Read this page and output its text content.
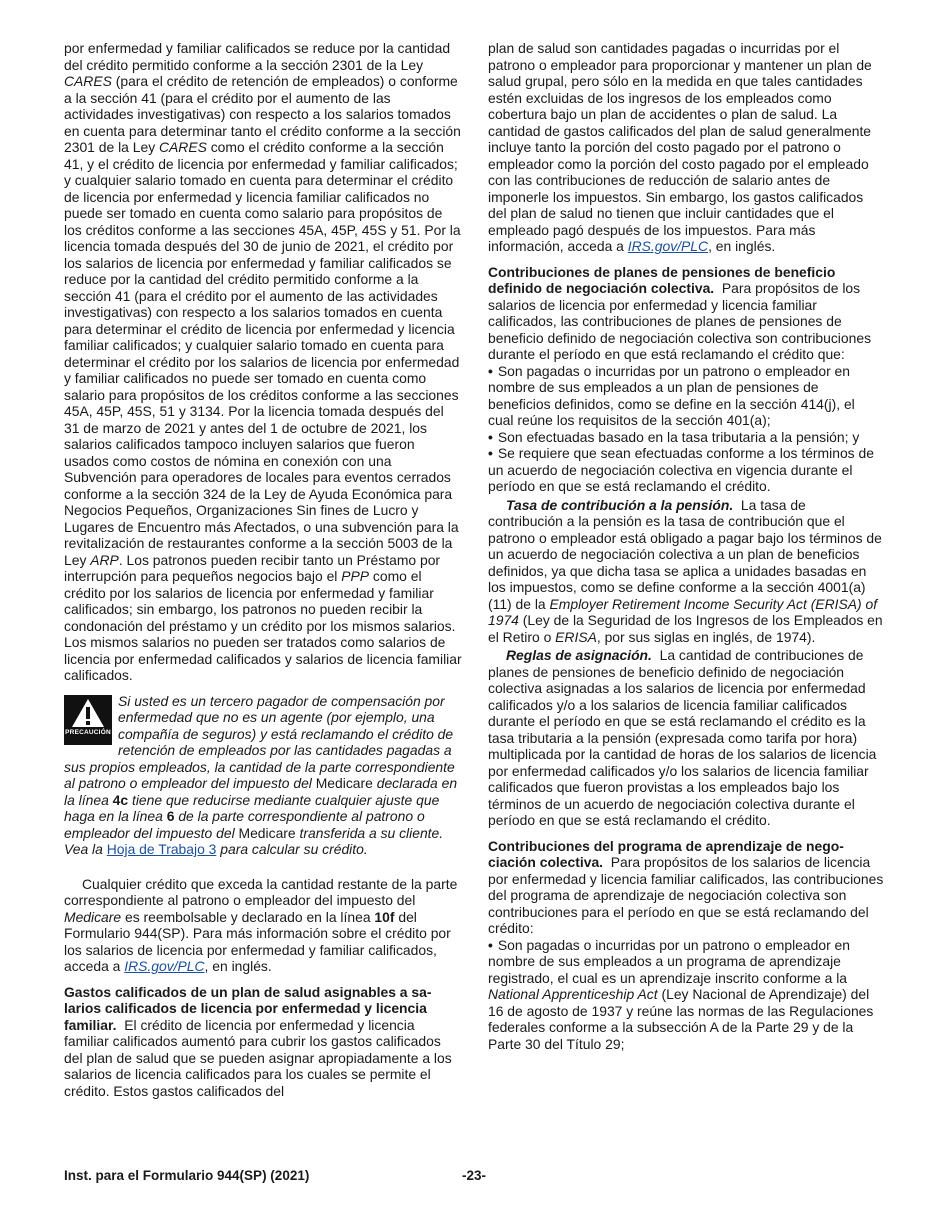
por enfermedad y familiar calificados se reduce por la cantidad del crédito permitido conforme a la sección 2301 de la Ley CARES (para el crédito de retención de empleados) o conforme a la sección 41 (para el crédito por el aumento de las actividades investigativas) con respecto a los salarios tomados en cuenta para determinar tanto el crédito conforme a la sección 2301 de la Ley CARES como el crédito conforme a la sección 41, y el crédito de licencia por enfermedad y familiar calificados; y cualquier salario tomado en cuenta para determinar el crédito de licencia por enfermedad y licencia familiar calificados no puede ser tomado en cuenta como salario para propósitos de los créditos conforme a las secciones 45A, 45P, 45S y 51. Por la licencia tomada después del 30 de junio de 2021, el crédito por los salarios de licencia por enfermedad y familiar calificados se reduce por la cantidad del crédito permitido conforme a la sección 41 (para el crédito por el aumento de las actividades investigativas) con respecto a los salarios tomados en cuenta para determinar el crédito de licencia por enfermedad y licencia familiar calificados; y cualquier salario tomado en cuenta para determinar el crédito por los salarios de licencia por enfermedad y familiar calificados no puede ser tomado en cuenta como salario para propósitos de los créditos conforme a las secciones 45A, 45P, 45S, 51 y 3134. Por la licencia tomada después del 31 de marzo de 2021 y antes del 1 de octubre de 2021, los salarios calificados tampoco incluyen salarios que fueron usados como costos de nómina en conexión con una Subvención para operadores de locales para eventos cerrados conforme a la sección 324 de la Ley de Ayuda Económica para Negocios Pequeños, Organizaciones Sin fines de Lucro y Lugares de Encuentro más Afectados, o una subvención para la revitalización de restaurantes conforme a la sección 5003 de la Ley ARP. Los patronos pueden recibir tanto un Préstamo por interrupción para pequeños negocios bajo el PPP como el crédito por los salarios de licencia por enfermedad y familiar calificados; sin embargo, los patronos no pueden recibir la condonación del préstamo y un crédito por los mismos salarios. Los mismos salarios no pueden ser tratados como salarios de licencia por enfermedad calificados y salarios de licencia familiar calificados.

PRECAUCIÓN
Si usted es un tercero pagador de compensación por enfermedad que no es un agente (por ejemplo, una compañía de seguros) y está reclamando el crédito de retención de empleados por las cantidades pagadas a sus propios empleados, la cantidad de la parte correspondiente al patrono o empleador del impuesto del Medicare declarada en la línea 4c tiene que reducirse mediante cualquier ajuste que haga en la línea 6 de la parte correspondiente al patrono o empleador del impuesto del Medicare transferida a su cliente. Vea la Hoja de Trabajo 3 para calcular su crédito.

Cualquier crédito que exceda la cantidad restante de la parte correspondiente al patrono o empleador del impuesto del Medicare es reembolsable y declarado en la línea 10f del Formulario 944(SP). Para más información sobre el crédito por los salarios de licencia por enfermedad y familiar calificados, acceda a IRS.gov/PLC, en inglés.

Gastos calificados de un plan de salud asignables a salarios calificados de licencia por enfermedad y licencia familiar. El crédito de licencia por enfermedad y licencia familiar calificados aumentó para cubrir los gastos calificados del plan de salud que se pueden asignar apropiadamente a los salarios de licencia calificados para los cuales se permite el crédito. Estos gastos calificados del

plan de salud son cantidades pagadas o incurridas por el patrono o empleador para proporcionar y mantener un plan de salud grupal, pero sólo en la medida en que tales cantidades estén excluidas de los ingresos de los empleados como cobertura bajo un plan de accidentes o plan de salud. La cantidad de gastos calificados del plan de salud generalmente incluye tanto la porción del costo pagado por el patrono o empleador como la porción del costo pagado por el empleado con las contribuciones de reducción de salario antes de imponerle los impuestos. Sin embargo, los gastos calificados del plan de salud no tienen que incluir cantidades que el empleado pagó después de los impuestos. Para más información, acceda a IRS.gov/PLC, en inglés.

Contribuciones de planes de pensiones de beneficio definido de negociación colectiva. Para propósitos de los salarios de licencia por enfermedad y licencia familiar calificados, las contribuciones de planes de pensiones de beneficio definido de negociación colectiva son contribuciones durante el período en que está reclamando el crédito que:

• Son pagadas o incurridas por un patrono o empleador en nombre de sus empleados a un plan de pensiones de beneficios definidos, como se define en la sección 414(j), el cual reúne los requisitos de la sección 401(a);
• Son efectuadas basado en la tasa tributaria a la pensión; y
• Se requiere que sean efectuadas conforme a los términos de un acuerdo de negociación colectiva en vigencia durante el período en que se está reclamando el crédito.

Tasa de contribución a la pensión. La tasa de contribución a la pensión es la tasa de contribución que el patrono o empleador está obligado a pagar bajo los términos de un acuerdo de negociación colectiva a un plan de beneficios definidos, ya que dicha tasa se aplica a unidades basadas en los impuestos, como se define conforme a la sección 4001(a)(11) de la Employer Retirement Income Security Act (ERISA) of 1974 (Ley de la Seguridad de los Ingresos de los Empleados en el Retiro o ERISA, por sus siglas en inglés, de 1974).

Reglas de asignación. La cantidad de contribuciones de planes de pensiones de beneficio definido de negociación colectiva asignadas a los salarios de licencia por enfermedad calificados y/o a los salarios de licencia familiar calificados durante el período en que se está reclamando el crédito es la tasa tributaria a la pensión (expresada como tarifa por hora) multiplicada por la cantidad de horas de los salarios de licencia por enfermedad calificados y/o los salarios de licencia familiar calificados que fueron provistas a los empleados bajo los términos de un acuerdo de negociación colectiva durante el período en que se está reclamando el crédito.

Contribuciones del programa de aprendizaje de negociación colectiva. Para propósitos de los salarios de licencia por enfermedad y licencia familiar calificados, las contribuciones del programa de aprendizaje de negociación colectiva son contribuciones para el período en que se está reclamando del crédito:

• Son pagadas o incurridas por un patrono o empleador en nombre de sus empleados a un programa de aprendizaje registrado, el cual es un aprendizaje inscrito conforme a la National Apprenticeship Act (Ley Nacional de Aprendizaje) del 16 de agosto de 1937 y reúne las normas de las Regulaciones federales conforme a la subsección A de la Parte 29 y de la Parte 30 del Título 29;
Inst. para el Formulario 944(SP) (2021)	-23-
